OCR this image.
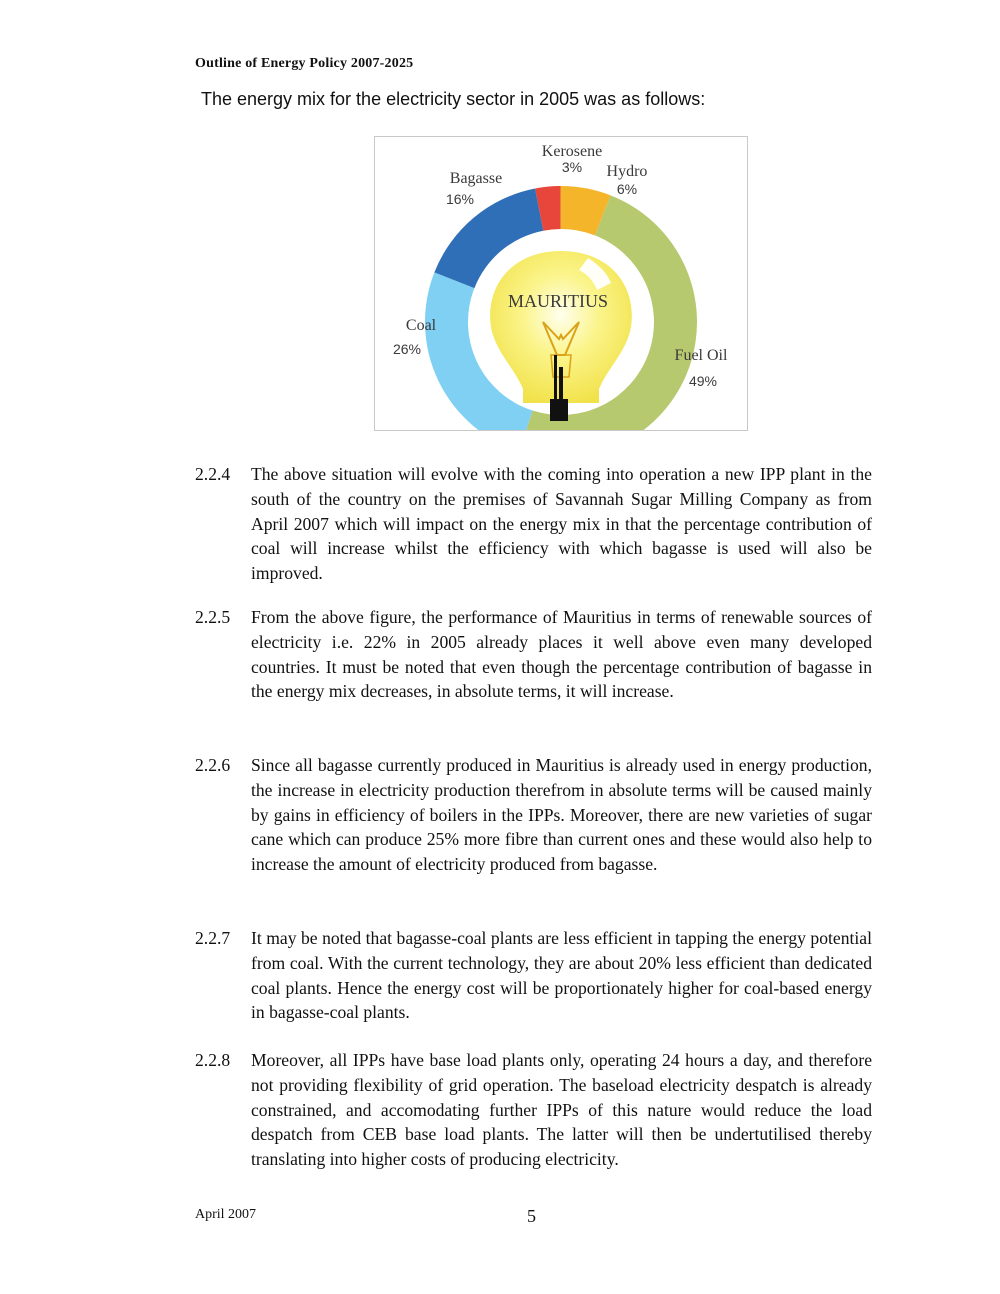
Outline of Energy Policy 2007-2025
The energy mix for the electricity sector in 2005 was as follows:
MAURITIUS
Kerosene
3% Hydro
6%
Fuel Oil
49%
Coal
26%
Bagasse
16%
2.2.4	The above situation will evolve with the coming into operation a new IPP plant in the south of the country on the premises of Savannah Sugar Milling Company as from April 2007 which will impact on the energy mix in that the percentage contribution of coal will increase whilst the efficiency with which bagasse is used will also be improved.
2.2.5	From the above figure, the performance of Mauritius in terms of renewable sources of electricity i.e. 22% in 2005 already places it well above even many developed countries. It must be noted that even though the percentage contribution of bagasse in the energy mix decreases, in absolute terms, it will increase.
2.2.6	Since all bagasse currently produced in Mauritius is already used in energy production, the increase in electricity production therefrom in absolute terms will be caused mainly by gains in efficiency of boilers in the IPPs. Moreover, there are new varieties of sugar cane which can produce 25% more fibre than current ones and these would also help to increase the amount of electricity produced from bagasse.
2.2.7	It may be noted that bagasse-coal plants are less efficient in tapping the energy potential from coal. With the current technology, they are about 20% less efficient than dedicated coal plants. Hence the energy cost will be proportionately higher for coal-based energy in bagasse-coal plants.
2.2.8	Moreover, all IPPs have base load plants only, operating 24 hours a day, and therefore not providing flexibility of grid operation. The baseload electricity despatch is already constrained, and accomodating further IPPs of this nature would reduce the load despatch from CEB base load plants. The latter will then be undertutilised thereby translating into higher costs of producing electricity.
April 2007	5
